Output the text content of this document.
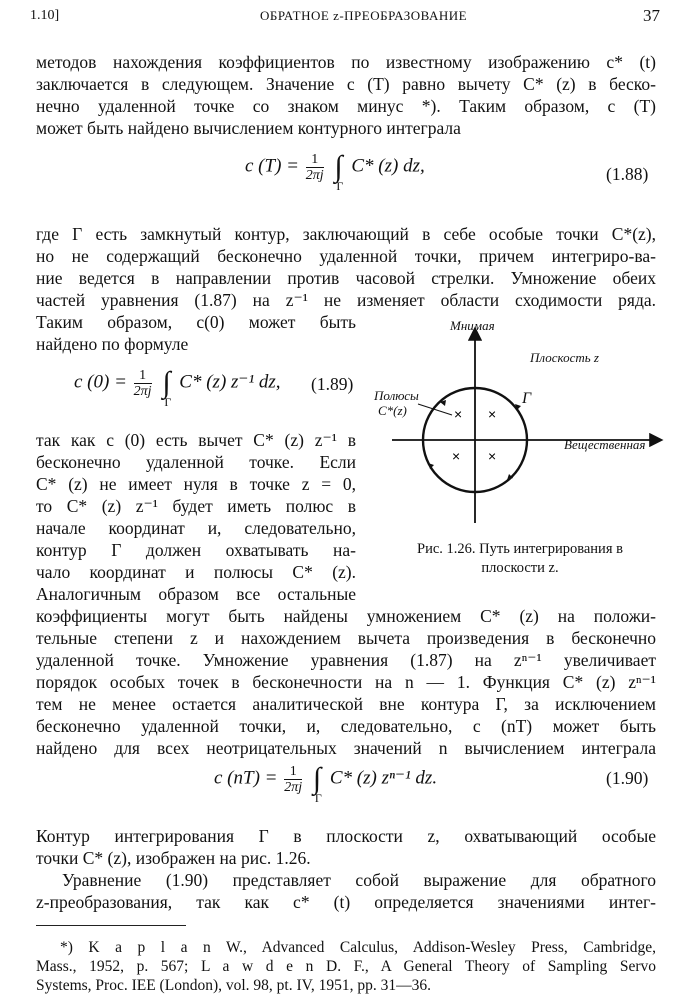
1.10]	ОБРАТНОЕ z-ПРЕОБРАЗОВАНИЕ	37
методов нахождения коэффициентов по известному изображению c* (t)
заключается в следующем. Значение c (T) равно вычету C* (z) в беско-
нечно удаленной точке со знаком минус *). Таким образом, c (T)
может быть найдено вычислением контурного интеграла
c $(T) = \frac{1}{2\pi j}$ ∫
Γ
C* (z) dz,	(1.88)
где Γ есть замкнутый контур, заключающий в себе особые точки C*(z),
но не содержащий бесконечно удаленной точки, причем интегриро-ва-
ние ведется в направлении против часовой стрелки. Умножение обеих
частей уравнения (1.87) на z⁻¹ не изменяет области сходимости ряда.
Таким образом, c(0) может быть
найдено по формуле
c $(0) = \frac{1}{2\pi j}$ ∫
Γ
C* (z) z⁻¹ dz, (1.89)
так как c (0) есть вычет C* (z) z⁻¹ в
бесконечно удаленной точке. Если
C* (z) не имеет нуля в точке z = 0,
то C* (z) z⁻¹ будет иметь полюс в
начале координат и, следовательно,
контур Γ должен охватывать на-
чало координат и полюсы C* (z).
Аналогичным образом все остальные
× ×
× ×
Мнимая
Плоскость z
Полюсы
C*(z)
Γ
Вещественная
Рис. 1.26. Путь интегрирования в
плоскости z.
коэффициенты могут быть найдены умножением C* (z) на положи-
тельные степени z и нахождением вычета произведения в бесконечно
удаленной точке. Умножение уравнения (1.87) на zⁿ⁻¹ увеличивает
порядок особых точек в бесконечности на n — 1. Функция C* (z) zⁿ⁻¹
тем не менее остается аналитической вне контура Γ, за исключением
бесконечно удаленной точки, и, следовательно, c (nT) может быть
найдено для всех неотрицательных значений n вычислением интеграла
c $(nT) = \frac{1}{2\pi j}$ ∫
Γ
C* (z) zⁿ⁻¹ dz.	(1.90)
Контур интегрирования Γ в плоскости z, охватывающий особые
точки C* (z), изображен на рис. 1.26.
Уравнение (1.90) представляет собой выражение для обратного
z-преобразования, так как c* (t) определяется значениями интег-
*) K a p l a n W., Advanced Calculus, Addison-Wesley Press, Cambridge,
Mass., 1952, p. 567; L a w d e n D. F., A General Theory of Sampling Servo
Systems, Proc. IEE (London), vol. 98, pt. IV, 1951, pp. 31—36.
